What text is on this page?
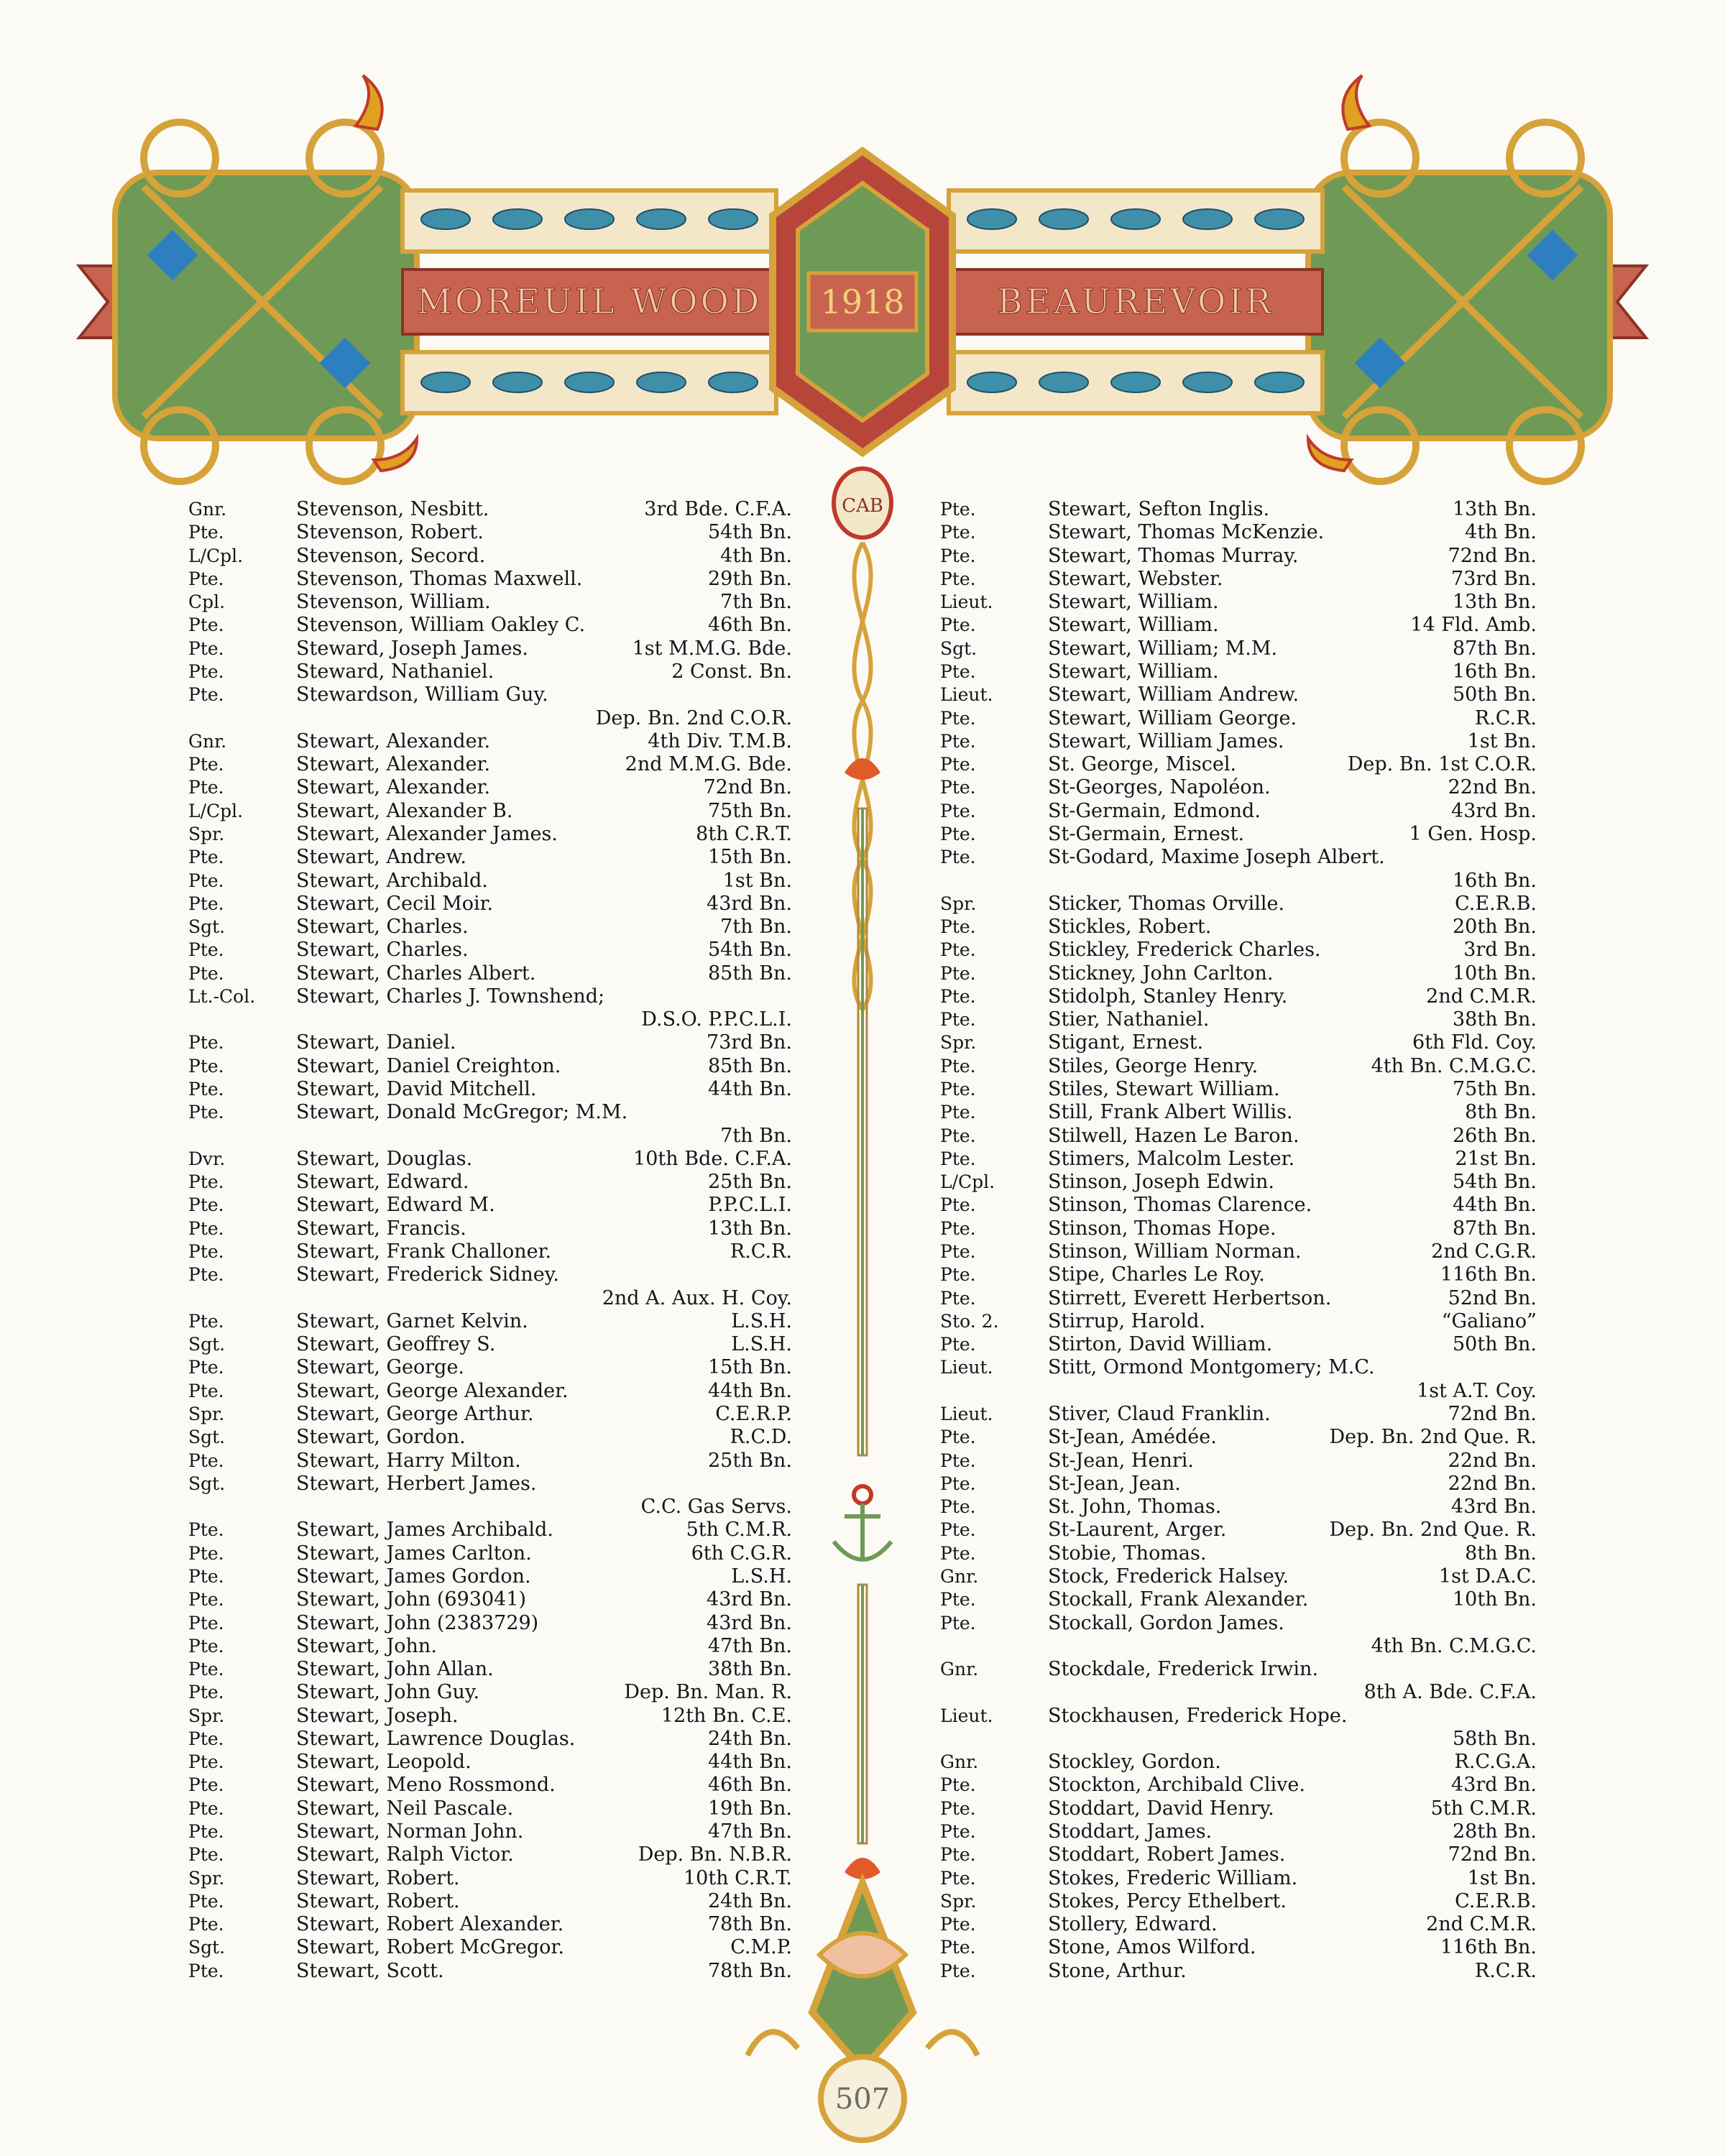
MOREUIL WOOD	BEAUREVOIR
1918
CAB
507
Gnr.	Stevenson, Nesbitt.	3rd Bde. C.F.A.
Pte.	Stevenson, Robert.	54th Bn.
L/Cpl.	Stevenson, Secord.	4th Bn.
Pte.	Stevenson, Thomas Maxwell.	29th Bn.
Cpl.	Stevenson, William.	7th Bn.
Pte.	Stevenson, William Oakley C.	46th Bn.
Pte.	Steward, Joseph James.	1st M.M.G. Bde.
Pte.	Steward, Nathaniel.	2 Const. Bn.
Pte.	Stewardson, William Guy.
Dep. Bn. 2nd C.O.R.
Gnr.	Stewart, Alexander.	4th Div. T.M.B.
Pte.	Stewart, Alexander.	2nd M.M.G. Bde.
Pte.	Stewart, Alexander.	72nd Bn.
L/Cpl.	Stewart, Alexander B.	75th Bn.
Spr.	Stewart, Alexander James.	8th C.R.T.
Pte.	Stewart, Andrew.	15th Bn.
Pte.	Stewart, Archibald.	1st Bn.
Pte.	Stewart, Cecil Moir.	43rd Bn.
Sgt.	Stewart, Charles.	7th Bn.
Pte.	Stewart, Charles.	54th Bn.
Pte.	Stewart, Charles Albert.	85th Bn.
Lt.-Col.	Stewart, Charles J. Townshend;
D.S.O. P.P.C.L.I.
Pte.	Stewart, Daniel.	73rd Bn.
Pte.	Stewart, Daniel Creighton.	85th Bn.
Pte.	Stewart, David Mitchell.	44th Bn.
Pte.	Stewart, Donald McGregor; M.M.
7th Bn.
Dvr.	Stewart, Douglas.	10th Bde. C.F.A.
Pte.	Stewart, Edward.	25th Bn.
Pte.	Stewart, Edward M.	P.P.C.L.I.
Pte.	Stewart, Francis.	13th Bn.
Pte.	Stewart, Frank Challoner.	R.C.R.
Pte.	Stewart, Frederick Sidney.
2nd A. Aux. H. Coy.
Pte.	Stewart, Garnet Kelvin.	L.S.H.
Sgt.	Stewart, Geoffrey S.	L.S.H.
Pte.	Stewart, George.	15th Bn.
Pte.	Stewart, George Alexander.	44th Bn.
Spr.	Stewart, George Arthur.	C.E.R.P.
Sgt.	Stewart, Gordon.	R.C.D.
Pte.	Stewart, Harry Milton.	25th Bn.
Sgt.	Stewart, Herbert James.
C.C. Gas Servs.
Pte.	Stewart, James Archibald.	5th C.M.R.
Pte.	Stewart, James Carlton.	6th C.G.R.
Pte.	Stewart, James Gordon.	L.S.H.
Pte.	Stewart, John (693041)	43rd Bn.
Pte.	Stewart, John (2383729)	43rd Bn.
Pte.	Stewart, John.	47th Bn.
Pte.	Stewart, John Allan.	38th Bn.
Pte.	Stewart, John Guy.	Dep. Bn. Man. R.
Spr.	Stewart, Joseph.	12th Bn. C.E.
Pte.	Stewart, Lawrence Douglas.	24th Bn.
Pte.	Stewart, Leopold.	44th Bn.
Pte.	Stewart, Meno Rossmond.	46th Bn.
Pte.	Stewart, Neil Pascale.	19th Bn.
Pte.	Stewart, Norman John.	47th Bn.
Pte.	Stewart, Ralph Victor.	Dep. Bn. N.B.R.
Spr.	Stewart, Robert.	10th C.R.T.
Pte.	Stewart, Robert.	24th Bn.
Pte.	Stewart, Robert Alexander.	78th Bn.
Sgt.	Stewart, Robert McGregor.	C.M.P.
Pte.	Stewart, Scott.	78th Bn.
Pte.	Stewart, Sefton Inglis.	13th Bn.
Pte.	Stewart, Thomas McKenzie.	4th Bn.
Pte.	Stewart, Thomas Murray.	72nd Bn.
Pte.	Stewart, Webster.	73rd Bn.
Lieut.	Stewart, William.	13th Bn.
Pte.	Stewart, William.	14 Fld. Amb.
Sgt.	Stewart, William; M.M.	87th Bn.
Pte.	Stewart, William.	16th Bn.
Lieut.	Stewart, William Andrew.	50th Bn.
Pte.	Stewart, William George.	R.C.R.
Pte.	Stewart, William James.	1st Bn.
Pte.	St. George, Miscel.	Dep. Bn. 1st C.O.R.
Pte.	St-Georges, Napoléon.	22nd Bn.
Pte.	St-Germain, Edmond.	43rd Bn.
Pte.	St-Germain, Ernest.	1 Gen. Hosp.
Pte.	St-Godard, Maxime Joseph Albert.
16th Bn.
Spr.	Sticker, Thomas Orville.	C.E.R.B.
Pte.	Stickles, Robert.	20th Bn.
Pte.	Stickley, Frederick Charles.	3rd Bn.
Pte.	Stickney, John Carlton.	10th Bn.
Pte.	Stidolph, Stanley Henry.	2nd C.M.R.
Pte.	Stier, Nathaniel.	38th Bn.
Spr.	Stigant, Ernest.	6th Fld. Coy.
Pte.	Stiles, George Henry.	4th Bn. C.M.G.C.
Pte.	Stiles, Stewart William.	75th Bn.
Pte.	Still, Frank Albert Willis.	8th Bn.
Pte.	Stilwell, Hazen Le Baron.	26th Bn.
Pte.	Stimers, Malcolm Lester.	21st Bn.
L/Cpl.	Stinson, Joseph Edwin.	54th Bn.
Pte.	Stinson, Thomas Clarence.	44th Bn.
Pte.	Stinson, Thomas Hope.	87th Bn.
Pte.	Stinson, William Norman.	2nd C.G.R.
Pte.	Stipe, Charles Le Roy.	116th Bn.
Pte.	Stirrett, Everett Herbertson.	52nd Bn.
Sto. 2.	Stirrup, Harold.	“Galiano”
Pte.	Stirton, David William.	50th Bn.
Lieut.	Stitt, Ormond Montgomery; M.C.
1st A.T. Coy.
Lieut.	Stiver, Claud Franklin.	72nd Bn.
Pte.	St-Jean, Amédée.	Dep. Bn. 2nd Que. R.
Pte.	St-Jean, Henri.	22nd Bn.
Pte.	St-Jean, Jean.	22nd Bn.
Pte.	St. John, Thomas.	43rd Bn.
Pte.	St-Laurent, Arger.	Dep. Bn. 2nd Que. R.
Pte.	Stobie, Thomas.	8th Bn.
Gnr.	Stock, Frederick Halsey.	1st D.A.C.
Pte.	Stockall, Frank Alexander.	10th Bn.
Pte.	Stockall, Gordon James.
4th Bn. C.M.G.C.
Gnr.	Stockdale, Frederick Irwin.
8th A. Bde. C.F.A.
Lieut.	Stockhausen, Frederick Hope.
58th Bn.
Gnr.	Stockley, Gordon.	R.C.G.A.
Pte.	Stockton, Archibald Clive.	43rd Bn.
Pte.	Stoddart, David Henry.	5th C.M.R.
Pte.	Stoddart, James.	28th Bn.
Pte.	Stoddart, Robert James.	72nd Bn.
Pte.	Stokes, Frederic William.	1st Bn.
Spr.	Stokes, Percy Ethelbert.	C.E.R.B.
Pte.	Stollery, Edward.	2nd C.M.R.
Pte.	Stone, Amos Wilford.	116th Bn.
Pte.	Stone, Arthur.	R.C.R.
